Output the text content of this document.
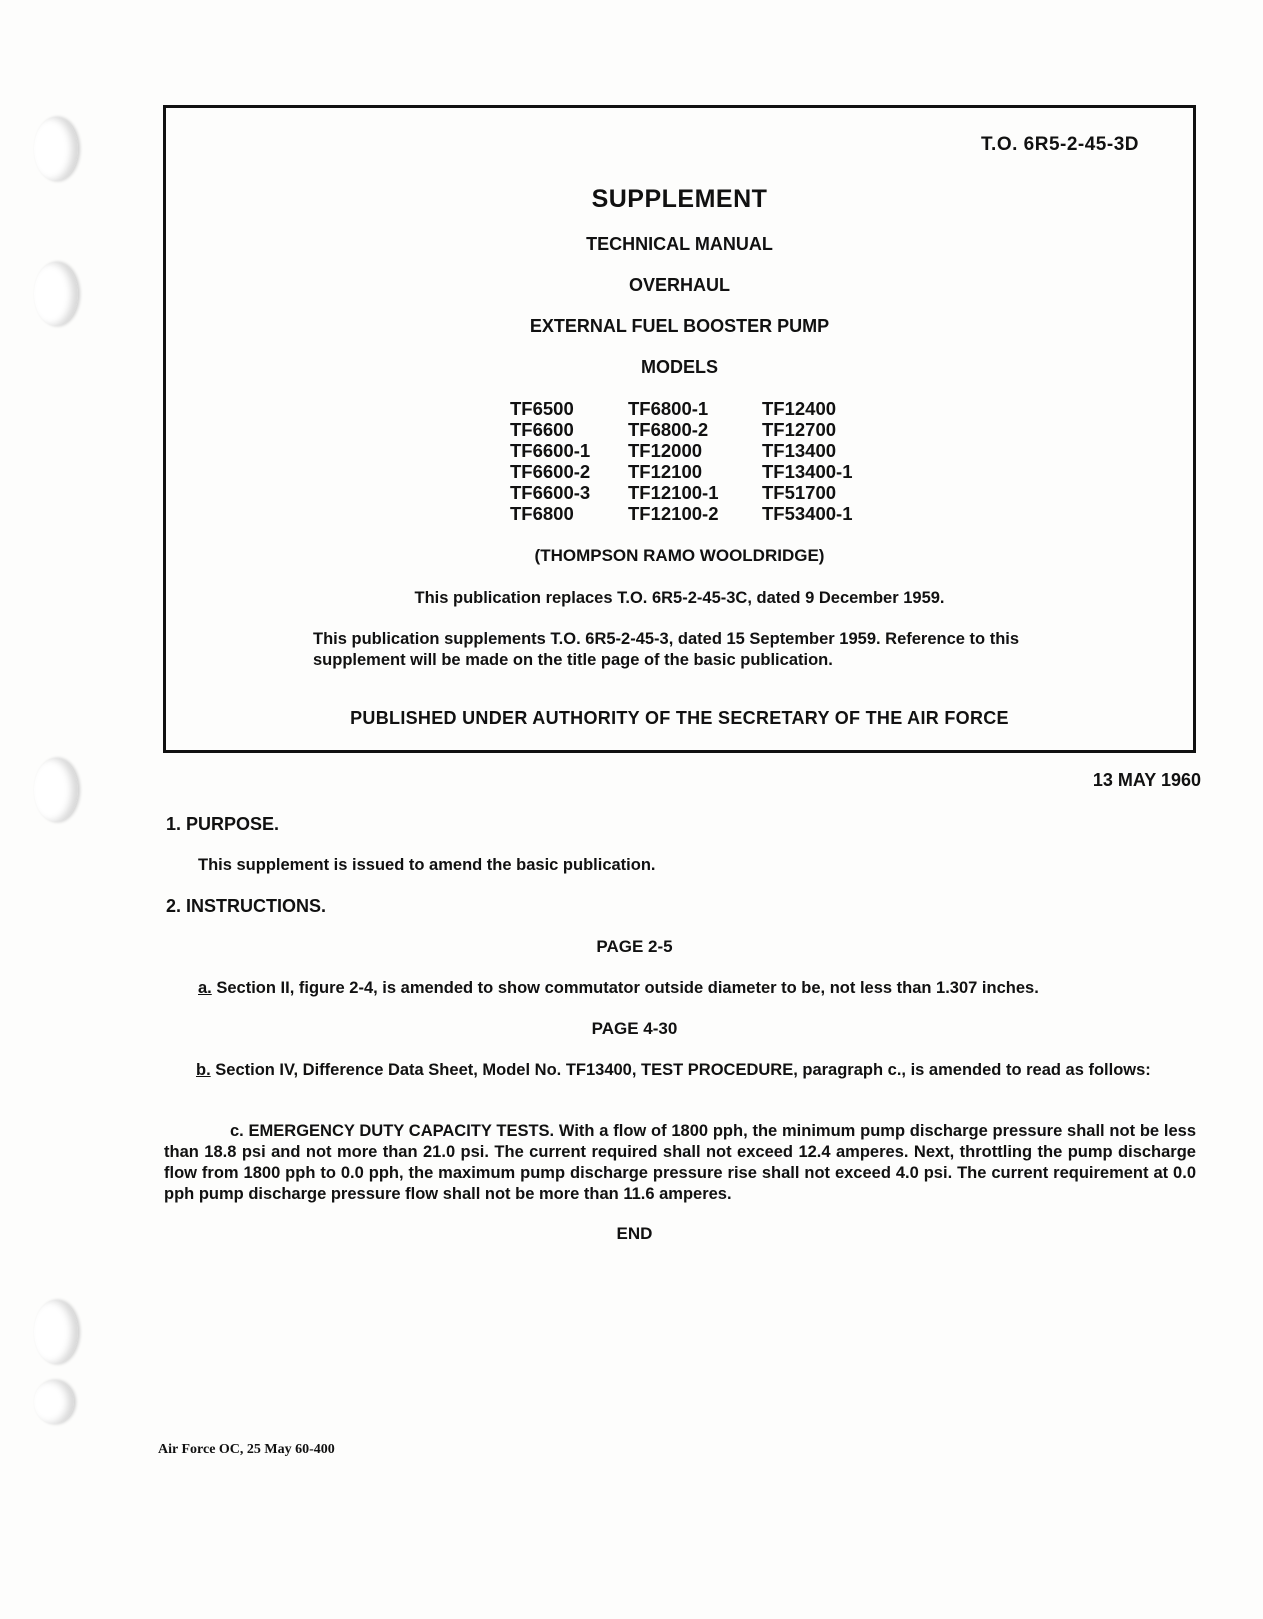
T.O. 6R5-2-45-3D
SUPPLEMENT
TECHNICAL MANUAL
OVERHAUL
EXTERNAL FUEL BOOSTER PUMP
MODELS
TF6500	TF6800-1	TF12400
TF6600	TF6800-2	TF12700
TF6600-1	TF12000	TF13400
TF6600-2	TF12100	TF13400-1
TF6600-3	TF12100-1	TF51700
TF6800	TF12100-2	TF53400-1
(THOMPSON RAMO WOOLDRIDGE)
This publication replaces T.O. 6R5-2-45-3C, dated 9 December 1959.
This publication supplements T.O. 6R5-2-45-3, dated 15 September 1959. Reference to this supplement will be made on the title page of the basic publication.
PUBLISHED UNDER AUTHORITY OF THE SECRETARY OF THE AIR FORCE
13 MAY 1960
1. PURPOSE.
This supplement is issued to amend the basic publication.
2. INSTRUCTIONS.
PAGE 2-5
a. Section II, figure 2-4, is amended to show commutator outside diameter to be, not less than 1.307 inches.
PAGE 4-30
b. Section IV, Difference Data Sheet, Model No. TF13400, TEST PROCEDURE, paragraph c., is amended to read as follows:
c. EMERGENCY DUTY CAPACITY TESTS. With a flow of 1800 pph, the minimum pump discharge pressure shall not be less than 18.8 psi and not more than 21.0 psi. The current required shall not exceed 12.4 amperes. Next, throttling the pump discharge flow from 1800 pph to 0.0 pph, the maximum pump discharge pressure rise shall not exceed 4.0 psi. The current requirement at 0.0 pph pump discharge pressure flow shall not be more than 11.6 amperes.
END
Air Force OC, 25 May 60-400
